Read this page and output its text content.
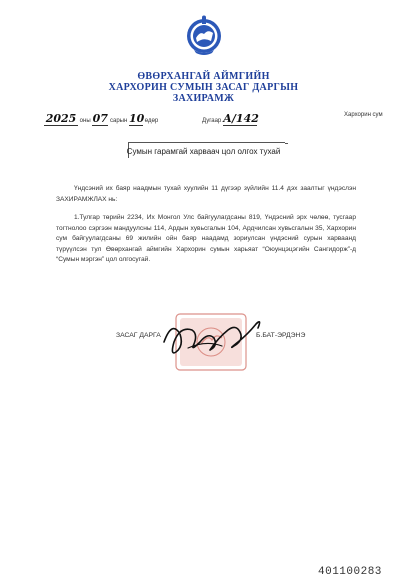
ӨВӨРХАНГАЙ АЙМГИЙН
ХАРХОРИН СУМЫН ЗАСАГ ДАРГЫН
ЗАХИРАМЖ
2025 оны 07 сарын 10 өдөр	Дугаар А/142	Хархорин сум
Сумын гарамгай харваач цол олгох тухай
Үндсэний их баяр наадмын тухай хуулийн 11 дүгээр зүйлийн 11.4 дэх заалтыг үндэслэн ЗАХИРАМЖЛАХ нь:
1.Тулгар төрийн 2234, Их Монгол Улс байгуулагдсаны 819, Үндэсний эрх чөлөө, тусгаар тогтнолоо сэргээн мандуулсны 114, Ардын хувьсгалын 104, Ардчилсан хувьсгалын 35, Хархорин сум байгуулагдсаны 69 жилийн ойн баяр наадамд зориулсан үндэсний сурын харваанд түрүүлсэн тул Өвөрхангай аймгийн Хархорин сумын харьяат “Оюунцэцэгийн Сангидорж”-д “Сумын мэргэн” цол олгосугай.
ЗАСАГ ДАРГА	Б.БАТ-ЭРДЭНЭ
401100283
